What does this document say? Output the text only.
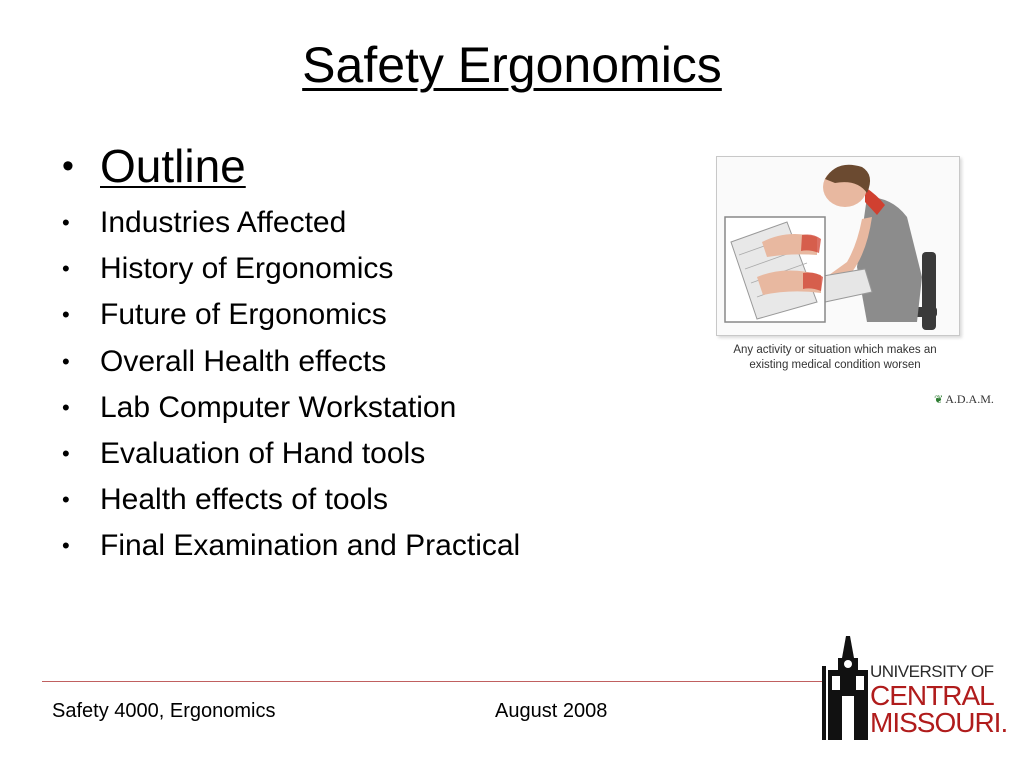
Safety Ergonomics
• Outline
•	Industries Affected
•	History of Ergonomics
•	Future of Ergonomics
•	Overall Health effects
•	Lab Computer Workstation
•	Evaluation of Hand tools
•	Health effects of tools
•	Final Examination and Practical
Any activity or situation which makes an
existing medical condition worsen
❦ A.D.A.M.
Safety 4000, Ergonomics	August 2008
UNIVERSITY OF
CENTRAL
MISSOURI.
